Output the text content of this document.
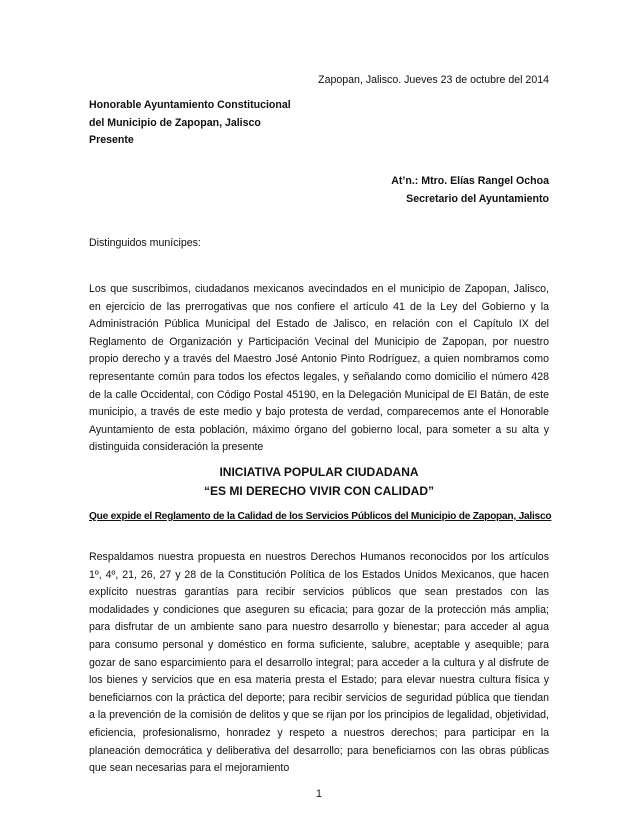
Zapopan, Jalisco. Jueves 23 de octubre del 2014
Honorable Ayuntamiento Constitucional
del Municipio de Zapopan, Jalisco
Presente
At’n.: Mtro. Elías Rangel Ochoa
Secretario del Ayuntamiento
Distinguidos munícipes:
Los que suscribimos, ciudadanos mexicanos avecindados en el municipio de Zapopan, Jalisco, en ejercicio de las prerrogativas que nos confiere el artículo 41 de la Ley del Gobierno y la Administración Pública Municipal del Estado de Jalisco, en relación con el Capítulo IX del Reglamento de Organización y Participación Vecinal del Municipio de Zapopan, por nuestro propio derecho y a través del Maestro José Antonio Pinto Rodríguez, a quien nombramos como representante común para todos los efectos legales, y señalando como domicilio el número 428 de la calle Occidental, con Código Postal 45190, en la Delegación Municipal de El Batán, de este municipio, a través de este medio y bajo protesta de verdad, comparecemos ante el Honorable Ayuntamiento de esta población, máximo órgano del gobierno local, para someter a su alta y distinguida consideración la presente
INICIATIVA POPULAR CIUDADANA
“ES MI DERECHO VIVIR CON CALIDAD”
Que expide el Reglamento de la Calidad de los Servicios Públicos del Municipio de Zapopan, Jalisco
Respaldamos nuestra propuesta en nuestros Derechos Humanos reconocidos por los artículos 1º, 4º, 21, 26, 27 y 28 de la Constitución Política de los Estados Unidos Mexicanos, que hacen explícito nuestras garantías para recibir servicios públicos que sean prestados con las modalidades y condiciones que aseguren su eficacia; para gozar de la protección más amplia; para disfrutar de un ambiente sano para nuestro desarrollo y bienestar; para acceder al agua para consumo personal y doméstico en forma suficiente, salubre, aceptable y asequible; para gozar de sano esparcimiento para el desarrollo integral; para acceder a la cultura y al disfrute de los bienes y servicios que en esa materia presta el Estado; para elevar nuestra cultura física y beneficiarnos con la práctica del deporte; para recibir servicios de seguridad pública que tiendan a la prevención de la comisión de delitos y que se rijan por los principios de legalidad, objetividad, eficiencia, profesionalismo, honradez y respeto a nuestros derechos; para participar en la planeación democrática y deliberativa del desarrollo; para beneficiarnos con las obras públicas que sean necesarias para el mejoramiento
1
